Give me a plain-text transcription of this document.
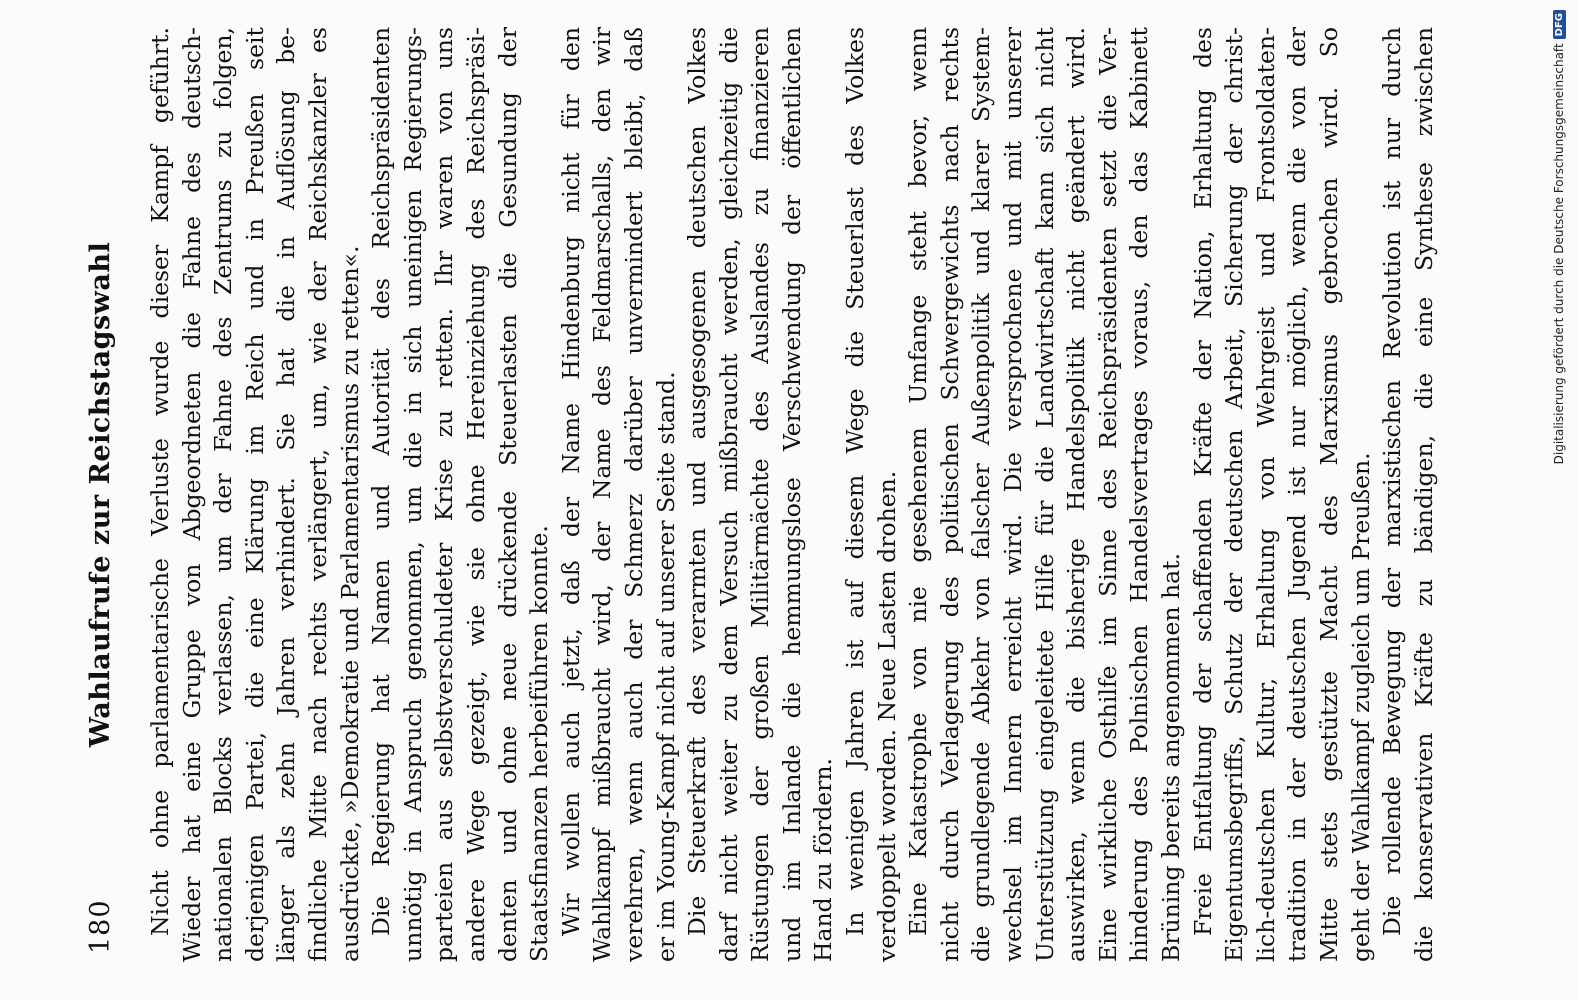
180
Wahlaufrufe zur Reichstagswahl Nicht ohne parlamentarische Verluste wurde dieser Kampf geführt. Wieder hat eine Gruppe von Abgeordneten die Fahne des deutsch- nationalen Blocks verlassen, um der Fahne des Zentrums zu folgen, derjenigen Partei, die eine Klärung im Reich und in Preußen seit länger als zehn Jahren verhindert. Sie hat die in Auflösung be- findliche Mitte nach rechts verlängert, um, wie der Reichskanzler es ausdrückte, »Demokratie und Parlamentarismus zu retten«. Die Regierung hat Namen und Autorität des Reichspräsidenten unnötig in Anspruch genommen, um die in sich uneinigen Regierungs- parteien aus selbstverschuldeter Krise zu retten. Ihr waren von uns andere Wege gezeigt, wie sie ohne Hereinziehung des Reichspräsi- denten und ohne neue drückende Steuerlasten die Gesundung der Staatsfinanzen herbeiführen konnte. Wir wollen auch jetzt, daß der Name Hindenburg nicht für den Wahlkampf mißbraucht wird, der Name des Feldmarschalls, den wir verehren, wenn auch der Schmerz darüber unvermindert bleibt, daß er im Young-Kampf nicht auf unserer Seite stand. Die Steuerkraft des verarmten und ausgesogenen deutschen Volkes darf nicht weiter zu dem Versuch mißbraucht werden, gleichzeitig die Rüstungen der großen Militärmächte des Auslandes zu finanzieren und im Inlande die hemmungslose Verschwendung der öffentlichen Hand zu fördern. In wenigen Jahren ist auf diesem Wege die Steuerlast des Volkes verdoppelt worden. Neue Lasten drohen. Eine Katastrophe von nie gesehenem Umfange steht bevor, wenn nicht durch Verlagerung des politischen Schwergewichts nach rechts die grundlegende Abkehr von falscher Außenpolitik und klarer System- wechsel im Innern erreicht wird. Die versprochene und mit unserer Unterstützung eingeleitete Hilfe für die Landwirtschaft kann sich nicht auswirken, wenn die bisherige Handelspolitik nicht geändert wird. Eine wirkliche Osthilfe im Sinne des Reichspräsidenten setzt die Ver- hinderung des Polnischen Handelsvertrages voraus, den das Kabinett Brüning bereits angenommen hat. Freie Entfaltung der schaffenden Kräfte der Nation, Erhaltung des Eigentumsbegriffs, Schutz der deutschen Arbeit, Sicherung der christ- lich-deutschen Kultur, Erhaltung von Wehrgeist und Frontsoldaten- tradition in der deutschen Jugend ist nur möglich, wenn die von der Mitte stets gestützte Macht des Marxismus gebrochen wird. So geht der Wahlkampf zugleich um Preußen. Die rollende Bewegung der marxistischen Revolution ist nur durch die konservativen Kräfte zu bändigen, die eine Synthese zwischen	Digitalisierung gefördert durch die Deutsche Forschungsgemeinschaft
DFG
